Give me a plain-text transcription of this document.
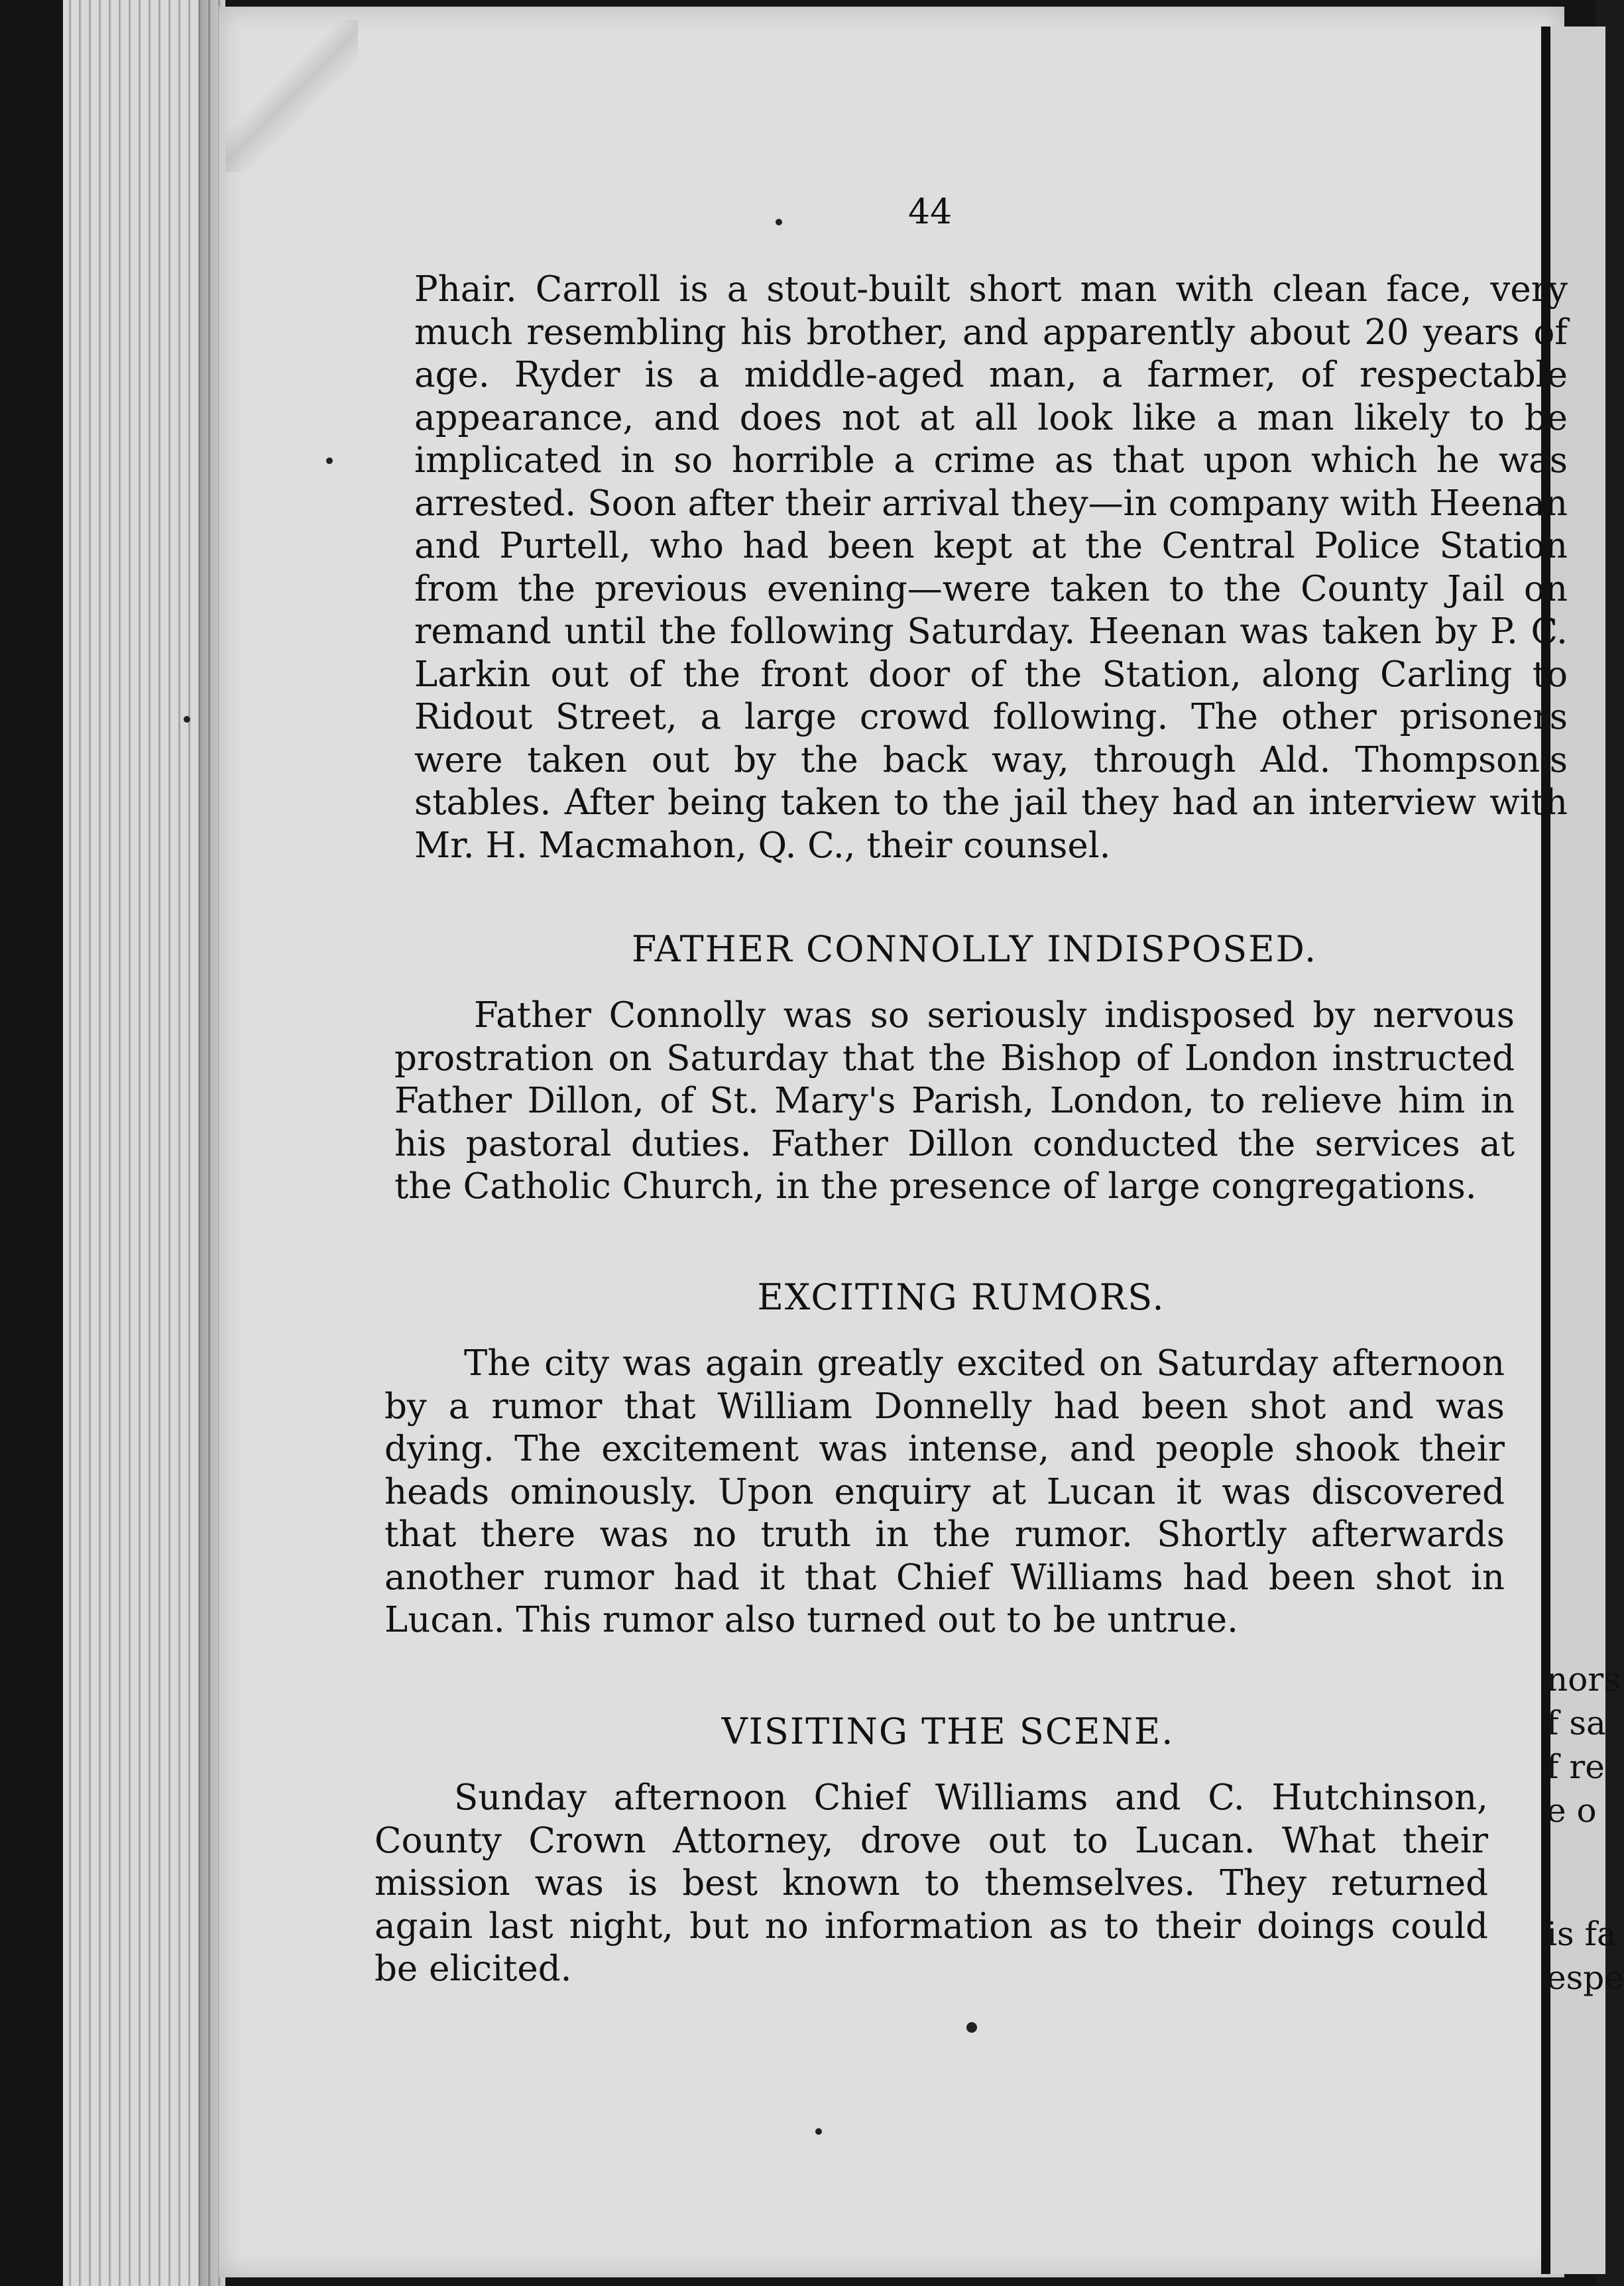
nors
f sa
f re
e o
is fa
espe
44

Phair. Carroll is a stout-built short man with clean face, very much resembling his brother, and apparently about 20 years of age. Ryder is a middle-aged man, a farmer, of respectable appearance, and does not at all look like a man likely to be implicated in so horrible a crime as that upon which he was arrested. Soon after their arrival they—in company with Heenan and Purtell, who had been kept at the Central Police Station from the previous evening—were taken to the County Jail on remand until the following Saturday. Heenan was taken by P. C. Larkin out of the front door of the Station, along Carling to Ridout Street, a large crowd following. The other prisoners were taken out by the back way, through Ald. Thompson's stables. After being taken to the jail they had an interview with Mr. H. Macmahon, Q. C., their counsel.

FATHER CONNOLLY INDISPOSED.

Father Connolly was so seriously indisposed by nervous prostration on Saturday that the Bishop of London instructed Father Dillon, of St. Mary's Parish, London, to relieve him in his pastoral duties. Father Dillon conducted the services at the Catholic Church, in the presence of large congregations.

EXCITING RUMORS.

The city was again greatly excited on Saturday afternoon by a rumor that William Donnelly had been shot and was dying. The excitement was intense, and people shook their heads ominously. Upon enquiry at Lucan it was discovered that there was no truth in the rumor. Shortly afterwards another rumor had it that Chief Williams had been shot in Lucan. This rumor also turned out to be untrue.

VISITING THE SCENE.

Sunday afternoon Chief Williams and C. Hutchinson, County Crown Attorney, drove out to Lucan. What their mission was is best known to themselves. They returned again last night, but no information as to their doings could be elicited.
